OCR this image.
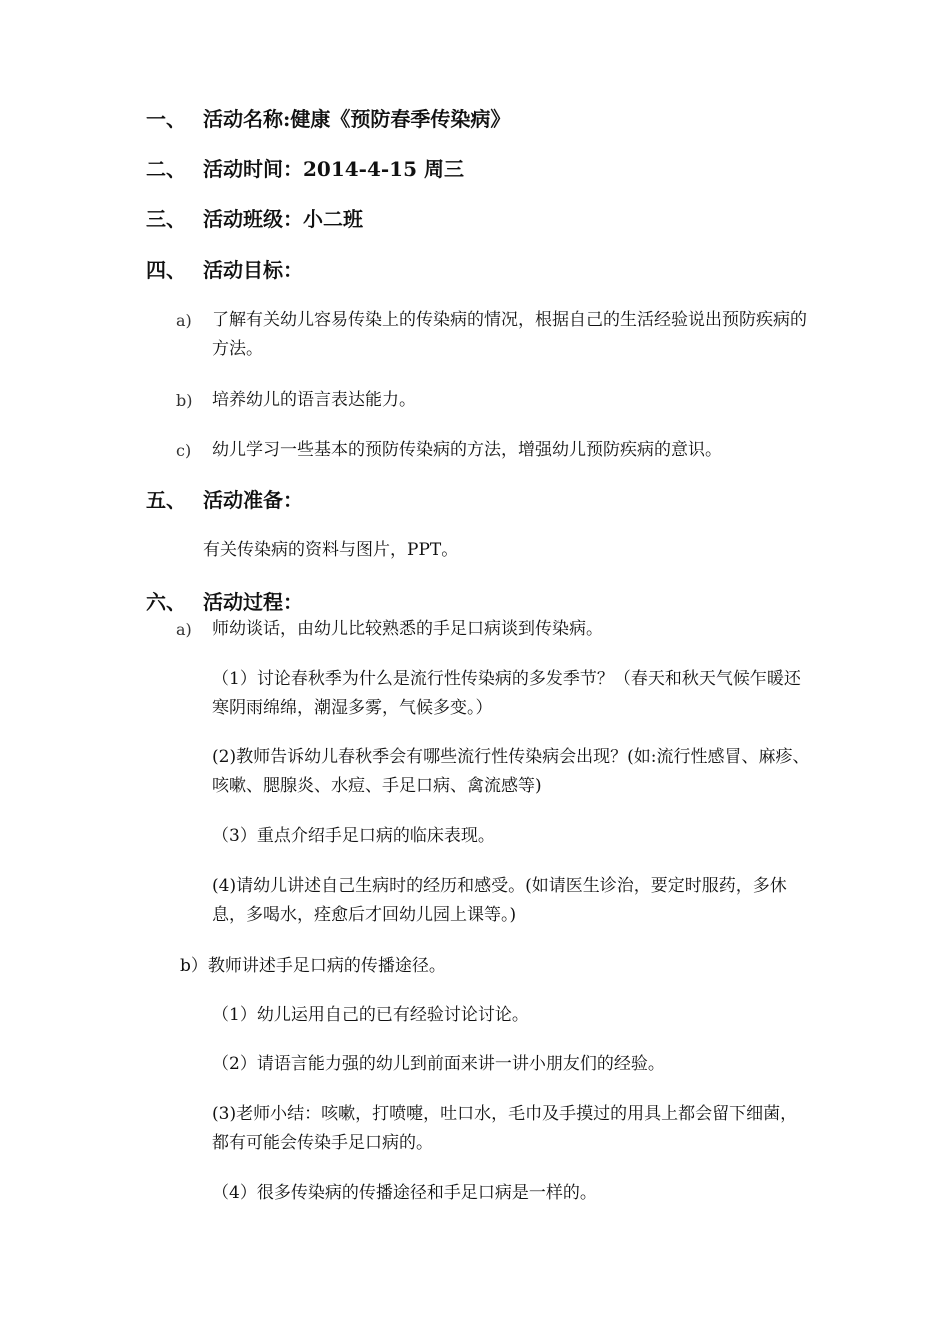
一、 活动名称:健康《预防春季传染病》
二、 活动时间：2014-4-15 周三
三、 活动班级：小二班
四、 活动目标：
a) 了解有关幼儿容易传染上的传染病的情况，根据自己的生活经验说出预防疾病的方法。
b) 培养幼儿的语言表达能力。
c) 幼儿学习一些基本的预防传染病的方法，增强幼儿预防疾病的意识。
五、 活动准备：
有关传染病的资料与图片，PPT。
六、 活动过程：
a) 师幼谈话，由幼儿比较熟悉的手足口病谈到传染病。
（1）讨论春秋季为什么是流行性传染病的多发季节？（春天和秋天气候乍暖还寒阴雨绵绵，潮湿多雾，气候多变。）
(2)教师告诉幼儿春秋季会有哪些流行性传染病会出现？(如:流行性感冒、麻疹、咳嗽、腮腺炎、水痘、手足口病、禽流感等)
（3）重点介绍手足口病的临床表现。
(4)请幼儿讲述自己生病时的经历和感受。(如请医生诊治，要定时服药，多休息，多喝水，痊愈后才回幼儿园上课等。)
b）教师讲述手足口病的传播途径。
（1）幼儿运用自己的已有经验讨论讨论。
（2）请语言能力强的幼儿到前面来讲一讲小朋友们的经验。
(3)老师小结：咳嗽，打喷嚏，吐口水，毛巾及手摸过的用具上都会留下细菌，都有可能会传染手足口病的。
（4）很多传染病的传播途径和手足口病是一样的。
